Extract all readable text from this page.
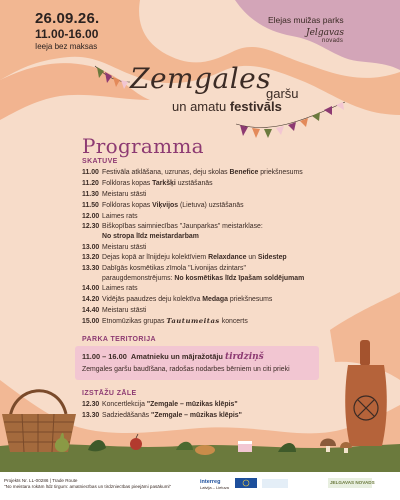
26.09.26.
11.00-16.00
Ieeja bez maksas
Elejas muižas parks
Jelgavas
novads
Zemgales
garšu
un amatu festivāls
Programma
SKATUVE
11.00 Festivāla atklāšana, uzrunas, deju skolas Benefice priekšnesums
11.20 Folkloras kopas Tarkšķi uzstāšanās
11.30 Meistaru stāsti
11.50 Folkloras kopas Viķvijos (Lietuva) uzstāšanās
12.00 Laimes rats
12.30 Biškopības saimniecības "Jaunparkas" meistarklase:
No stropa līdz meistardarbam
13.00 Meistaru stāsti
13.20 Dejas kopā ar līnijdeju kolektīviem Relaxdance un Sidestep
13.30 Dabīgās kosmētikas zīmola "Livonijas dzintars"
paraugdemonstrējums: No kosmētikas līdz īpašam soldējumam
14.00 Laimes rats
14.20 Vidējās paaudzes deju kolektīva Medaga priekšnesums
14.40 Meistaru stāsti
15.00 Etnomūzikas grupas Tautumeitas koncerts
PARKA TERITORIJA
11.00 – 16.00 Amatnieku un mājražotāju tirdziņš
Zemgales garšu baudīšana, radošas nodarbes bērniem un citi prieki
IZSTĀŽU ZĀLE
12.30 Koncertlekcija "Zemgale – mūzikas klēpis"
13.30 Sadziedāšanās "Zemgale – mūzikas klēpis"
Projekts Nr. LL-00286 | Trade Route
"No meistara rokām līdz tirgum: amatniecības un tirdzniecības pieejāmi pasākumi"
interreg
Latvija – Lietuva
JELGAVAS NOVADS
